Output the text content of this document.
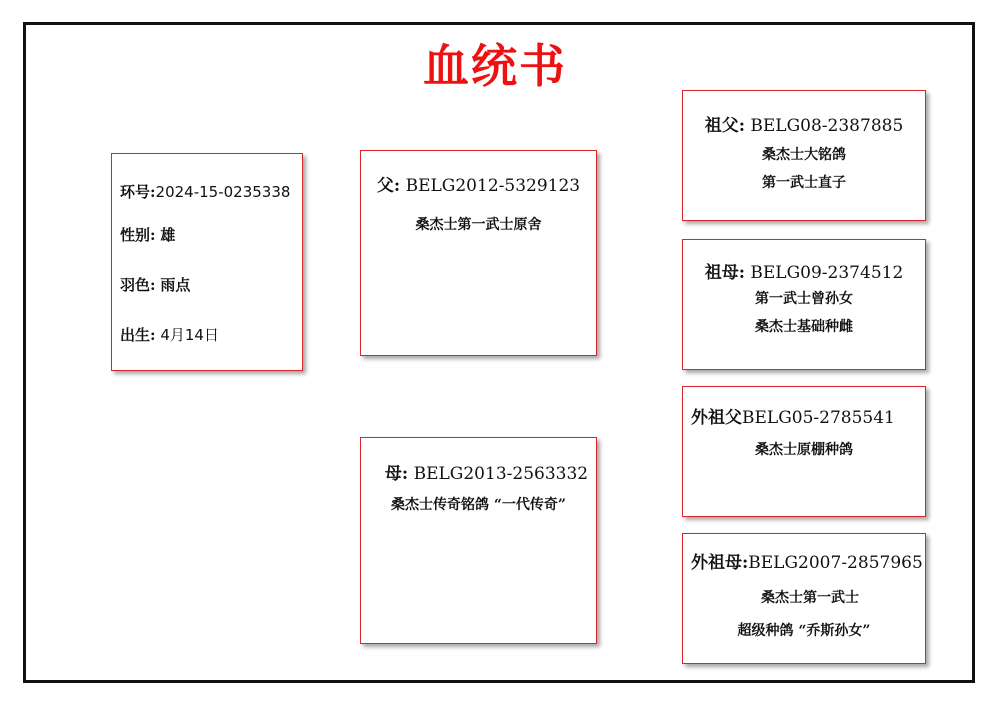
血统书
环号:2024-15-0235338
性别: 雄
羽色: 雨点
出生: 4月14日
父: BELG2012-5329123
桑杰士第一武士原舍
母: BELG2013-2563332
桑杰士传奇铭鸽 “一代传奇”
祖父: BELG08-2387885
桑杰士大铭鸽
第一武士直子
祖母: BELG09-2374512
第一武士曾孙女
桑杰士基础种雌
外祖父BELG05-2785541
桑杰士原棚种鸽
外祖母:BELG2007-2857965
桑杰士第一武士
超级种鸽 “乔斯孙女”
